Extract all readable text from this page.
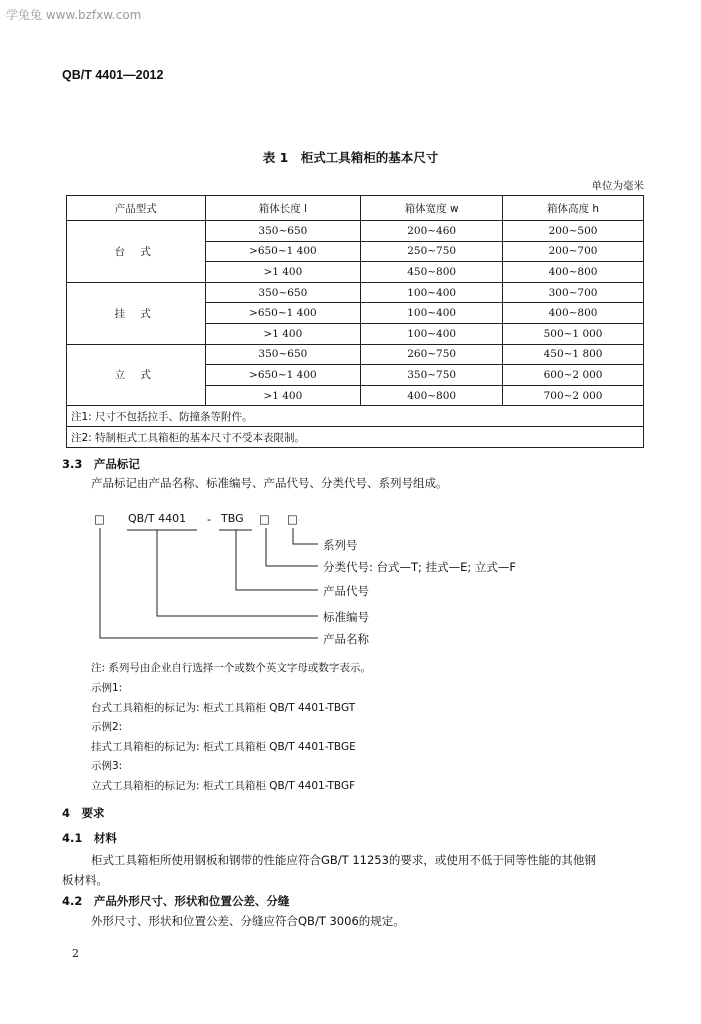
学兔兔 www.bzfxw.com
QB/T 4401—2012
表 1　柜式工具箱柜的基本尺寸
单位为毫米
产品型式	箱体长度 l	箱体宽度 w	箱体高度 h
台 式	350~650	200~460	200~500
	>650~1 400	250~750	200~700
	>1 400	450~800	400~800
挂 式	350~650	100~400	300~700
	>650~1 400	100~400	400~800
	>1 400	100~400	500~1 000
立 式	350~650	260~750	450~1 800
	>650~1 400	350~750	600~2 000
	>1 400	400~800	700~2 000
注1: 尺寸不包括拉手、防撞条等附件。			
注2: 特制柜式工具箱柜的基本尺寸不受本表限制。			
3.3　产品标记
产品标记由产品名称、标准编号、产品代号、分类代号、系列号组成。
□ QB/T 4401 - TBG □ □
系列号
分类代号: 台式—T; 挂式—E; 立式—F
产品代号
标准编号
产品名称
注: 系列号由企业自行选择一个或数个英文字母或数字表示。
示例1:
台式工具箱柜的标记为: 柜式工具箱柜 QB/T 4401-TBGT
示例2:
挂式工具箱柜的标记为: 柜式工具箱柜 QB/T 4401-TBGE
示例3:
立式工具箱柜的标记为: 柜式工具箱柜 QB/T 4401-TBGF
4　要求
4.1　材料
柜式工具箱柜所使用钢板和钢带的性能应符合GB/T 11253的要求，或使用不低于同等性能的其他钢
板材料。
4.2　产品外形尺寸、形状和位置公差、分缝
外形尺寸、形状和位置公差、分缝应符合QB/T 3006的规定。
2
